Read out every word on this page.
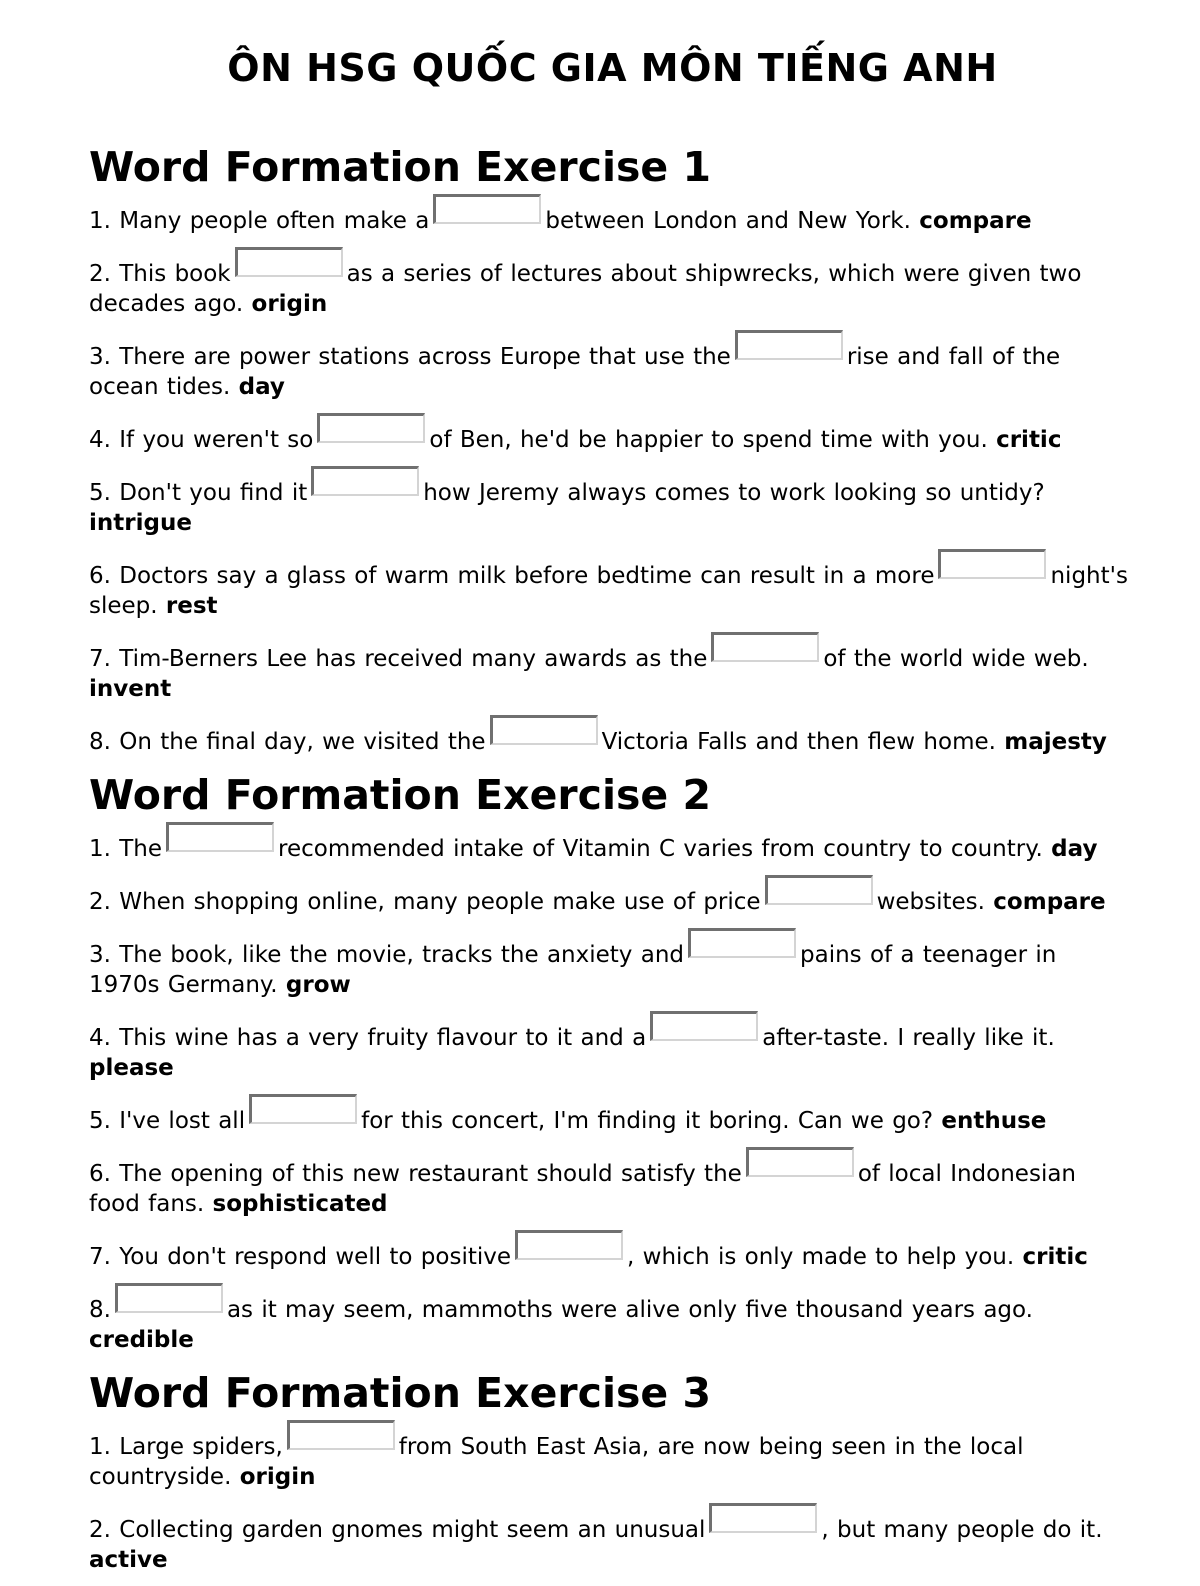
ÔN HSG QUỐC GIA MÔN TIẾNG ANH
Word Formation Exercise 1

1. Many people often make a	between London and New York. compare

2. This book	as a series of lectures about shipwrecks, which were given two decades ago. origin

3. There are power stations across Europe that use the	rise and fall of the ocean tides. day

4. If you weren't so	of Ben, he'd be happier to spend time with you. critic

5. Don't you find it	how Jeremy always comes to work looking so untidy? intrigue

6. Doctors say a glass of warm milk before bedtime can result in a more	night's sleep. rest

7. Tim-Berners Lee has received many awards as the	of the world wide web. invent

8. On the final day, we visited the	Victoria Falls and then flew home. majesty

Word Formation Exercise 2

1. The	recommended intake of Vitamin C varies from country to country. day

2. When shopping online, many people make use of price	websites. compare

3. The book, like the movie, tracks the anxiety and	pains of a teenager in 1970s Germany. grow

4. This wine has a very fruity flavour to it and a	after-taste. I really like it. please

5. I've lost all	for this concert, I'm finding it boring. Can we go? enthuse

6. The opening of this new restaurant should satisfy the	of local Indonesian food fans. sophisticated

7. You don't respond well to positive	, which is only made to help you. critic

8.	as it may seem, mammoths were alive only five thousand years ago. credible

Word Formation Exercise 3

1. Large spiders,	from South East Asia, are now being seen in the local countryside. origin

2. Collecting garden gnomes might seem an unusual	, but many people do it. active
